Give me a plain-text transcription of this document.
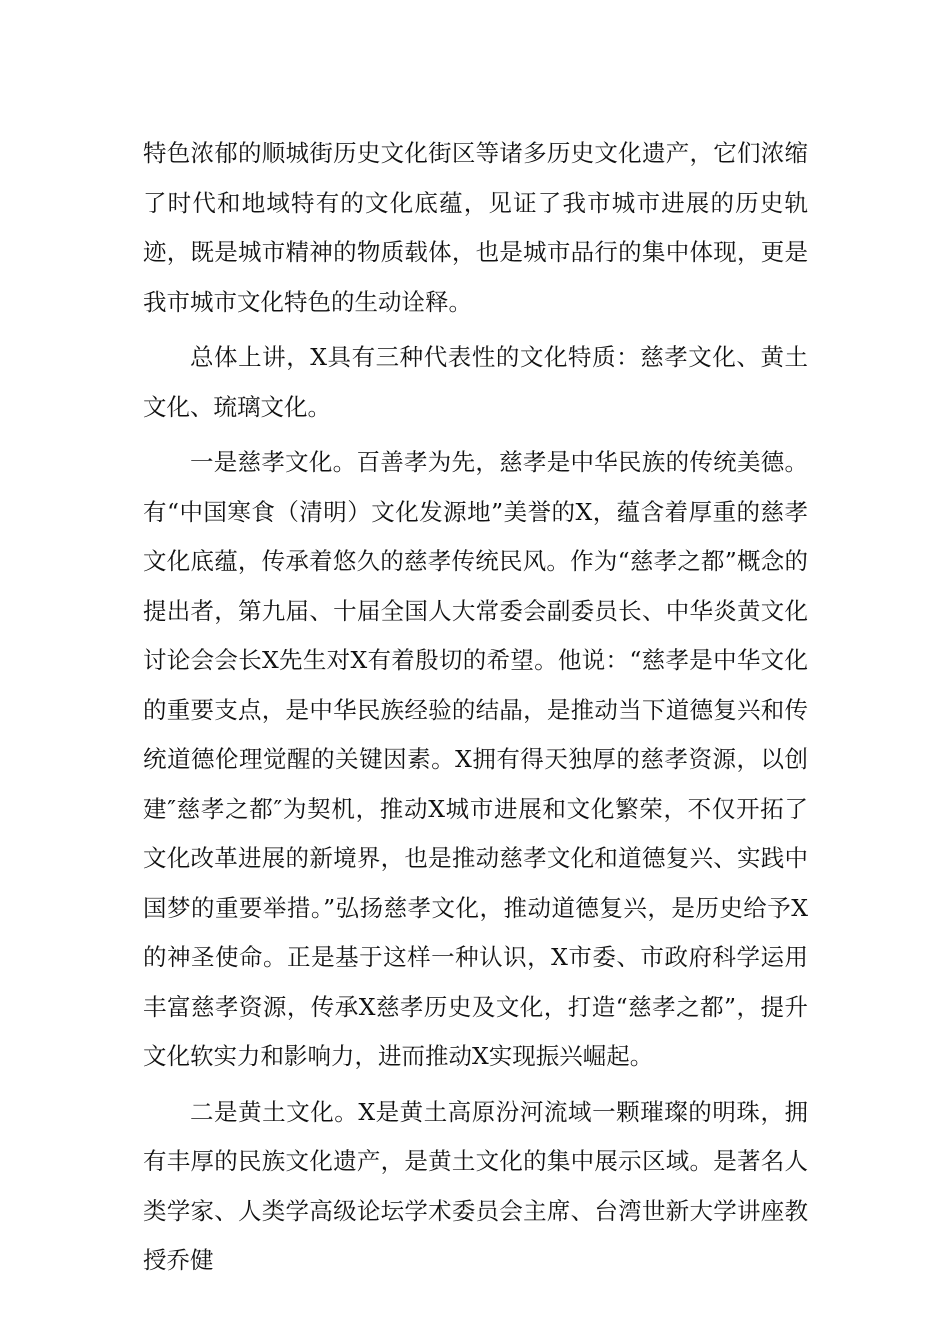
特色浓郁的顺城街历史文化街区等诸多历史文化遗产，它们浓缩了时代和地域特有的文化底蕴，见证了我市城市进展的历史轨迹，既是城市精神的物质载体，也是城市品行的集中体现，更是我市城市文化特色的生动诠释。

总体上讲，X具有三种代表性的文化特质：慈孝文化、黄土文化、琉璃文化。

一是慈孝文化。百善孝为先，慈孝是中华民族的传统美德。有“中国寒食（清明）文化发源地”美誉的X，蕴含着厚重的慈孝文化底蕴，传承着悠久的慈孝传统民风。作为“慈孝之都”概念的提出者，第九届、十届全国人大常委会副委员长、中华炎黄文化讨论会会长X先生对X有着殷切的希望。他说：“慈孝是中华文化的重要支点，是中华民族经验的结晶，是推动当下道德复兴和传统道德伦理觉醒的关键因素。X拥有得天独厚的慈孝资源，以创建″慈孝之都″为契机，推动X城市进展和文化繁荣，不仅开拓了文化改革进展的新境界，也是推动慈孝文化和道德复兴、实践中国梦的重要举措。”弘扬慈孝文化，推动道德复兴，是历史给予X的神圣使命。正是基于这样一种认识，X市委、市政府科学运用丰富慈孝资源，传承X慈孝历史及文化，打造“慈孝之都”，提升文化软实力和影响力，进而推动X实现振兴崛起。

二是黄土文化。X是黄土高原汾河流域一颗璀璨的明珠，拥有丰厚的民族文化遗产，是黄土文化的集中展示区域。是著名人类学家、人类学高级论坛学术委员会主席、台湾世新大学讲座教授乔健
